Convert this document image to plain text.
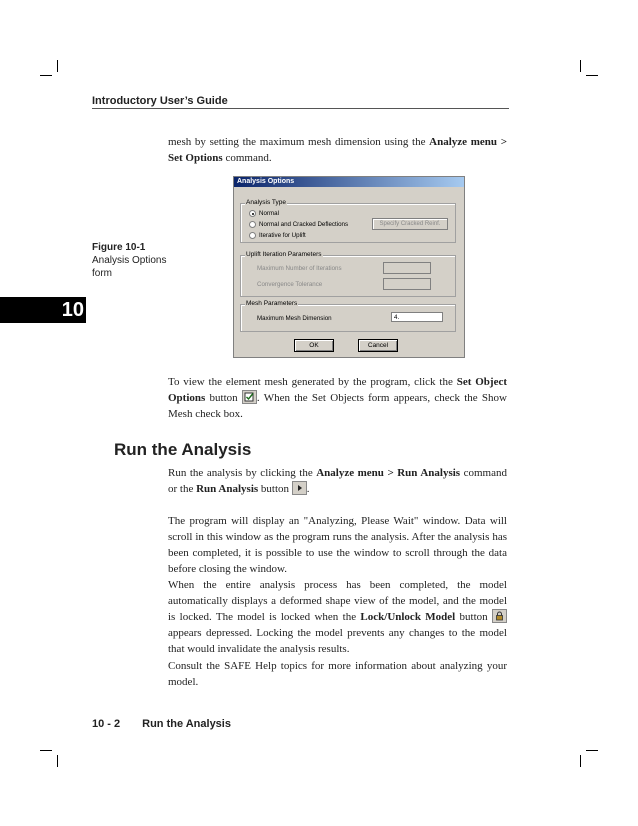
Introductory User’s Guide
mesh by setting the maximum mesh dimension using the Analyze menu > Set Options command.
Figure 10-1
Analysis Options
form
10
Analysis Options
Analysis Type
Normal
Normal and Cracked Deflections
Iterative for Uplift
Specify Cracked Reinf.
Uplift Iteration Parameters
Maximum Number of Iterations
Convergence Tolerance
Mesh Parameters
Maximum Mesh Dimension	4.
OK	Cancel
To view the element mesh generated by the program, click the Set Object Options button . When the Set Objects form appears, check the Show Mesh check box.
Run the Analysis
Run the analysis by clicking the Analyze menu > Run Analysis command or the Run Analysis button .
The program will display an "Analyzing, Please Wait" window. Data will scroll in this window as the program runs the analysis. After the analysis has been completed, it is possible to use the window to scroll through the data before closing the window.
When the entire analysis process has been completed, the model automatically displays a deformed shape view of the model, and the model is locked. The model is locked when the Lock/Unlock Model button  appears depressed. Locking the model prevents any changes to the model that would invalidate the analysis results.
Consult the SAFE Help topics for more information about analyzing your model.
10 - 2 Run the Analysis
